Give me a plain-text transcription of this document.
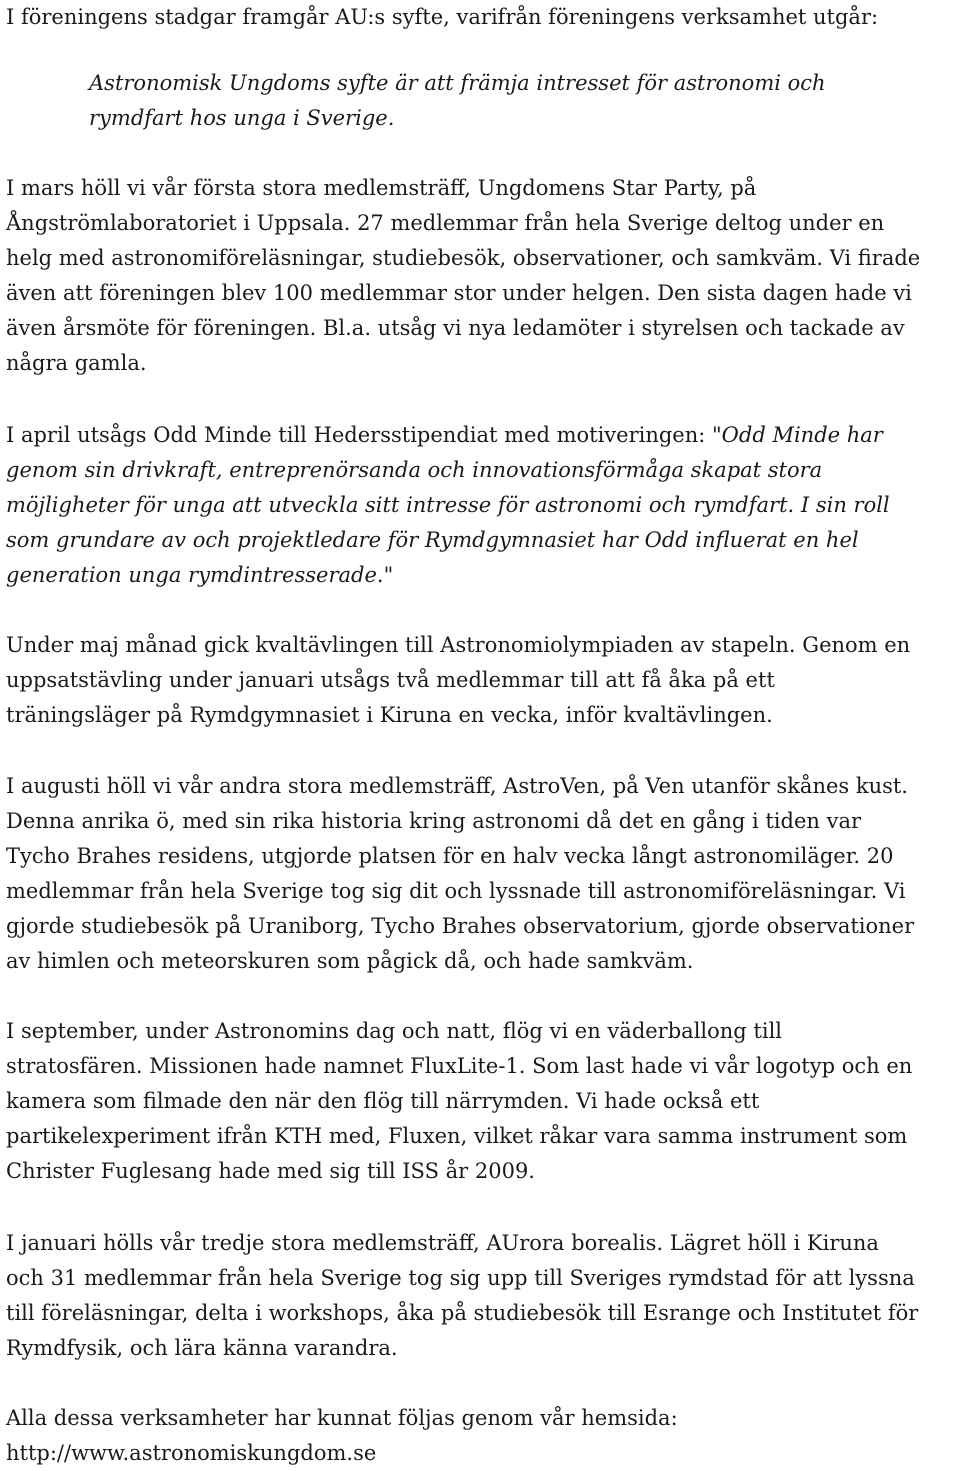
I föreningens stadgar framgår AU:s syfte, varifrån föreningens verksamhet utgår:
Astronomisk Ungdoms syfte är att främja intresset för astronomi och
rymdfart hos unga i Sverige.
I mars höll vi vår första stora medlemsträff, Ungdomens Star Party, på
Ångströmlaboratoriet i Uppsala. 27 medlemmar från hela Sverige deltog under en
helg med astronomiföreläsningar, studiebesök, observationer, och samkväm. Vi firade
även att föreningen blev 100 medlemmar stor under helgen. Den sista dagen hade vi
även årsmöte för föreningen. Bl.a. utsåg vi nya ledamöter i styrelsen och tackade av
några gamla.
I april utsågs Odd Minde till Hedersstipendiat med motiveringen: "Odd Minde har
genom sin drivkraft, entreprenörsanda och innovationsförmåga skapat stora
möjligheter för unga att utveckla sitt intresse för astronomi och rymdfart. I sin roll
som grundare av och projektledare för Rymdgymnasiet har Odd influerat en hel
generation unga rymdintresserade."
Under maj månad gick kvaltävlingen till Astronomiolympiaden av stapeln. Genom en
uppsatstävling under januari utsågs två medlemmar till att få åka på ett
träningsläger på Rymdgymnasiet i Kiruna en vecka, inför kvaltävlingen.
I augusti höll vi vår andra stora medlemsträff, AstroVen, på Ven utanför skånes kust.
Denna anrika ö, med sin rika historia kring astronomi då det en gång i tiden var
Tycho Brahes residens, utgjorde platsen för en halv vecka långt astronomiläger. 20
medlemmar från hela Sverige tog sig dit och lyssnade till astronomiföreläsningar. Vi
gjorde studiebesök på Uraniborg, Tycho Brahes observatorium, gjorde observationer
av himlen och meteorskuren som pågick då, och hade samkväm.
I september, under Astronomins dag och natt, flög vi en väderballong till
stratosfären. Missionen hade namnet FluxLite-1. Som last hade vi vår logotyp och en
kamera som filmade den när den flög till närrymden. Vi hade också ett
partikelexperiment ifrån KTH med, Fluxen, vilket råkar vara samma instrument som
Christer Fuglesang hade med sig till ISS år 2009.
I januari hölls vår tredje stora medlemsträff, AUrora borealis. Lägret höll i Kiruna
och 31 medlemmar från hela Sverige tog sig upp till Sveriges rymdstad för att lyssna
till föreläsningar, delta i workshops, åka på studiebesök till Esrange och Institutet för
Rymdfysik, och lära känna varandra.
Alla dessa verksamheter har kunnat följas genom vår hemsida:
http://www.astronomiskungdom.se
